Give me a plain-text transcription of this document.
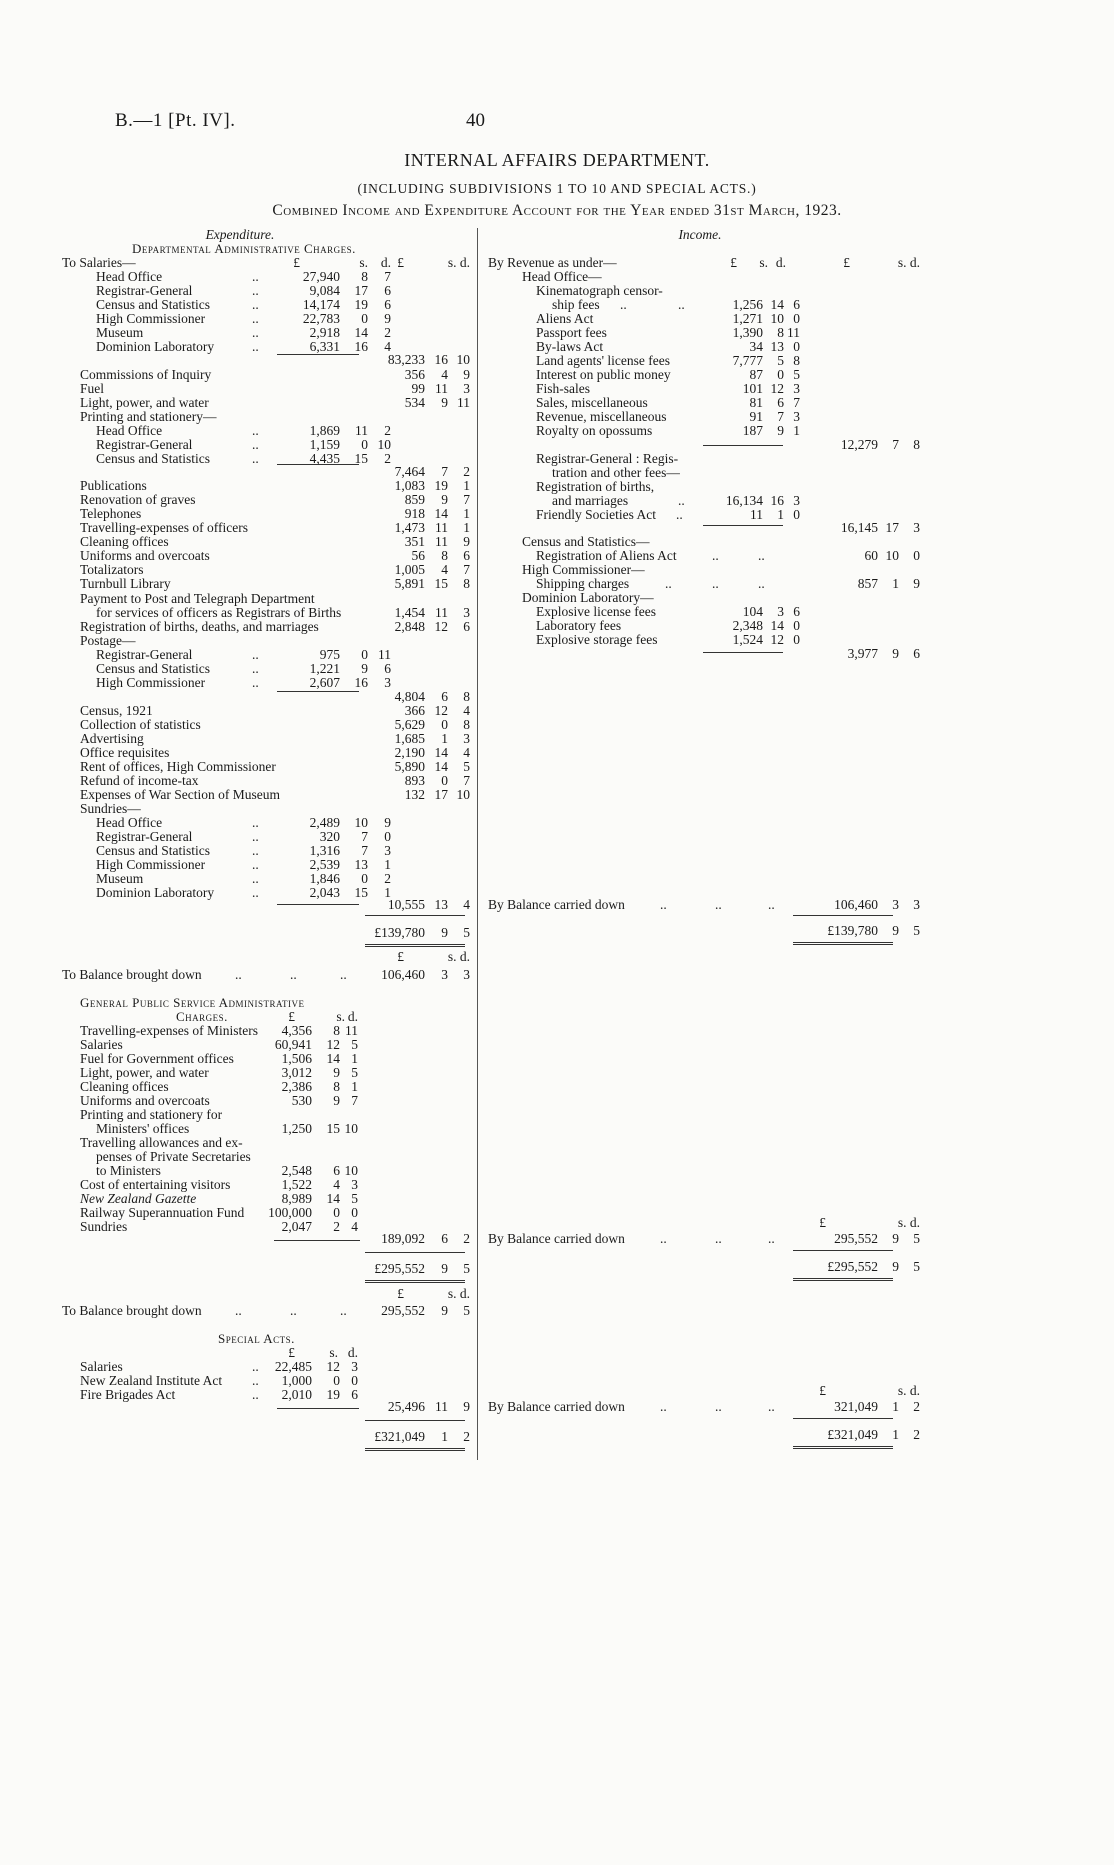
B.—1 [Pt. IV].	40
INTERNAL AFFAIRS DEPARTMENT.
(INCLUDING SUBDIVISIONS 1 TO 10 AND SPECIAL ACTS.)
Combined Income and Expenditure Account for the Year ended 31st March, 1923.
Expenditure.
Departmental Administrative Charges.
£	s. d. £	s. d.
To Salaries—
Head Office	..	27,940	8	7
Registrar-General	..	9,084	17	6
Census and Statistics	..	14,174	19	6
High Commissioner	..	22,783	0	9
Museum	..	2,918	14	2
Dominion Laboratory	..	6,331	16	4
83,233 16 10
Commissions of Inquiry	356	4	9
Fuel	99 11	3
Light, power, and water	534	9 11
Printing and stationery—
Head Office	..	1,869	11	2
Registrar-General	..	1,159	0 10
Census and Statistics	..	4,435	15	2
7,464	7	2
Publications	1,083 19	1
Renovation of graves	859	9	7
Telephones	918 14	1
Travelling-expenses of officers	1,473 11	1
Cleaning offices	351 11	9
Uniforms and overcoats	56	8	6
Totalizators	1,005	4	7
Turnbull Library	5,891 15	8
Payment to Post and Telegraph Department
for services of officers as Registrars of Births	1,454 11	3
Registration of births, deaths, and marriages	2,848 12	6
Postage—
Registrar-General	..	975	0 11
Census and Statistics	..	1,221	9	6
High Commissioner	..	2,607	16	3
4,804	6	8
Census, 1921	366 12	4
Collection of statistics	5,629	0	8
Advertising	1,685	1	3
Office requisites	2,190 14	4
Rent of offices, High Commissioner	5,890 14	5
Refund of income-tax	893	0	7
Expenses of War Section of Museum	132 17 10
Sundries—
Head Office	..	2,489	10	9
Registrar-General	..	320	7	0
Census and Statistics	..	1,316	7	3
High Commissioner	..	2,539	13	1
Museum	..	1,846	0	2
Dominion Laboratory	..	2,043	15	1
10,555 13	4
£139,780	9	5
£	s. d.
To Balance brought down ..	..	..	106,460	3	3
General Public Service Administrative
Charges.	£	s. d.
Travelling-expenses of Ministers	4,356	8 11
Salaries	60,941	12 5
Fuel for Government offices	1,506	14 1
Light, power, and water	3,012	9 5
Cleaning offices	2,386	8 1
Uniforms and overcoats	530	9 7
Printing and stationery for
Ministers' offices	1,250	15 10
Travelling allowances and ex-
penses of Private Secretaries
to Ministers	2,548	6 10
Cost of entertaining visitors	1,522	4 3
New Zealand Gazette	8,989	14 5
Railway Superannuation Fund	100,000	0 0
Sundries	2,047	2 4
189,092	6	2
£295,552	9	5
£	s. d.
To Balance brought down ..	..	..	295,552	9	5
Special Acts.
£	s. d.
Salaries	..	22,485	12 3
New Zealand Institute Act ..	1,000	0 0
Fire Brigades Act	..	2,010	19 6
25,496 11	9
£321,049	1	2
Income.
By Revenue as under—	£	s. d.	£	s. d.
Head Office—
Kinematograph censor-
ship fees ..	..	1,256 14 6
Aliens Act	1,271 10 0
Passport fees	1,390	8 11
By-laws Act	34 13 0
Land agents' license fees	7,777	5 8
Interest on public money	87	0 5
Fish-sales	101 12 3
Sales, miscellaneous	81	6 7
Revenue, miscellaneous	91	7 3
Royalty on opossums	187	9 1
12,279	7	8
Registrar-General : Regis-
tration and other fees—
Registration of births,
and marriages	..	16,134 16 3
Friendly Societies Act ..	11	1 0
16,145 17	3
Census and Statistics—
Registration of Aliens Act	..	..	60 10	0
High Commissioner—
Shipping charges	..	..	..	857	1	9
Dominion Laboratory—
Explosive license fees	104	3 6
Laboratory fees	2,348 14 0
Explosive storage fees	1,524 12 0
3,977	9	6
By Balance carried down	..	..	..	106,460	3	3
£139,780	9	5
£	s. d.
By Balance carried down	..	..	..	295,552	9	5
£295,552	9	5
£	s. d.
By Balance carried down	..	..	..	321,049	1	2
£321,049	1	2
